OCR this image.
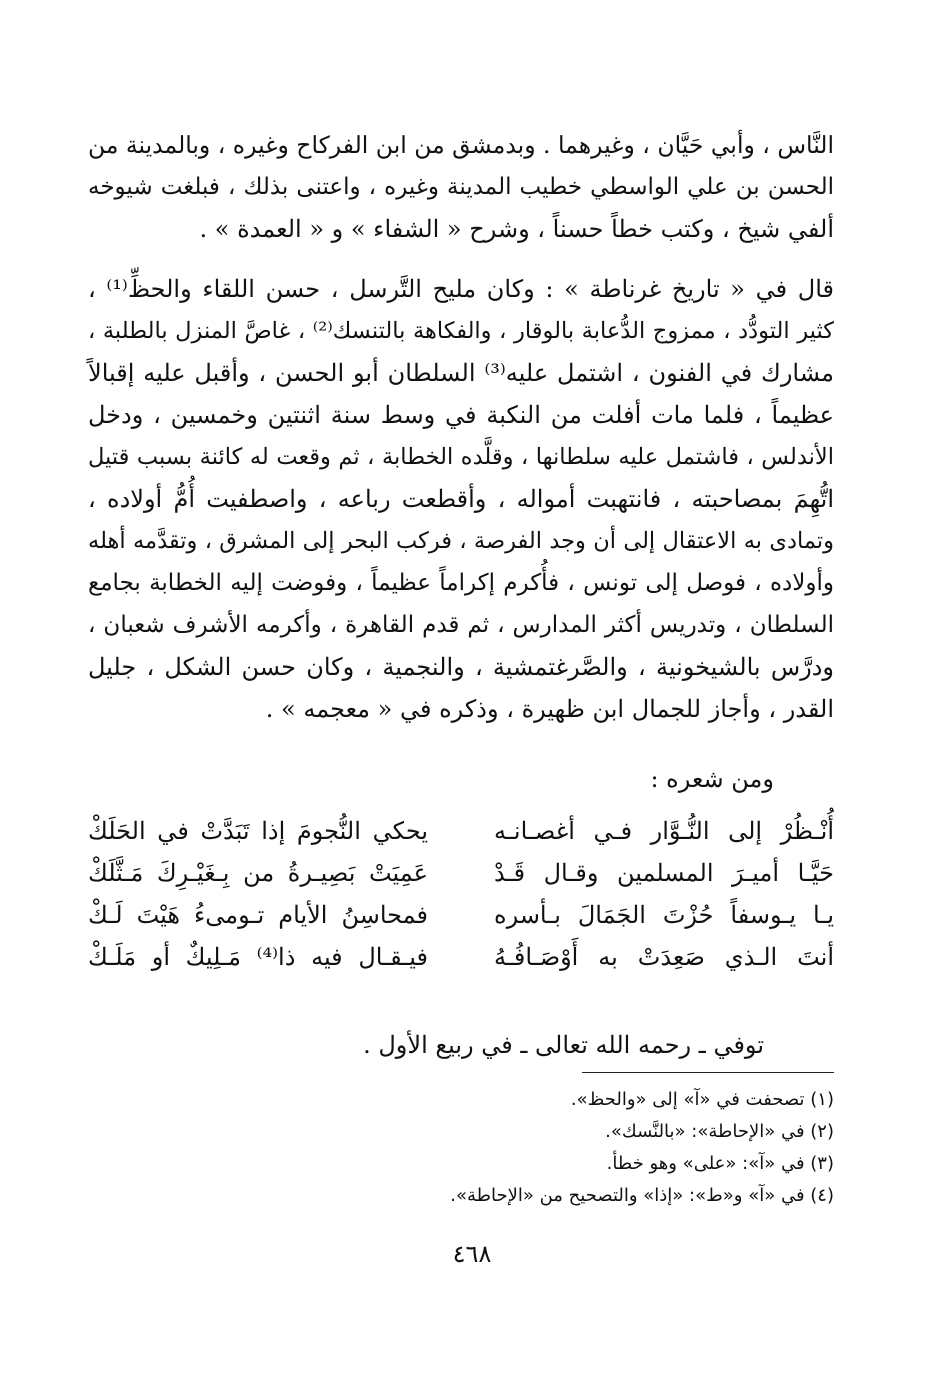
النَّاس ، وأبي حَيَّان ، وغيرهما . وبدمشق من ابن الفركاح وغيره ، وبالمدينة من
الحسن بن علي الواسطي خطيب المدينة وغيره ، واعتنى بذلك ، فبلغت شيوخه
ألفي شيخ ، وكتب خطاً حسناً ، وشرح « الشفاء » و « العمدة » .
قال في « تاريخ غرناطة » : وكان مليح التَّرسل ، حسن اللقاء والحظِّ⁽¹⁾ ،
كثير التودُّد ، ممزوج الدُّعابة بالوقار ، والفكاهة بالتنسك⁽²⁾ ، غاصَّ المنزل بالطلبة ،
مشارك في الفنون ، اشتمل عليه⁽³⁾ السلطان أبو الحسن ، وأقبل عليه إقبالاً
عظيماً ، فلما مات أفلت من النكبة في وسط سنة اثنتين وخمسين ، ودخل
الأندلس ، فاشتمل عليه سلطانها ، وقلَّده الخطابة ، ثم وقعت له كائنة بسبب قتيل
اتُّهِمَ بمصاحبته ، فانتهبت أمواله ، وأقطعت رباعه ، واصطفيت أُمُّ أولاده ،
وتمادى به الاعتقال إلى أن وجد الفرصة ، فركب البحر إلى المشرق ، وتقدَّمه أهله
وأولاده ، فوصل إلى تونس ، فأُكرم إكراماً عظيماً ، وفوضت إليه الخطابة بجامع
السلطان ، وتدريس أكثر المدارس ، ثم قدم القاهرة ، وأكرمه الأشرف شعبان ،
ودرَّس بالشيخونية ، والصَّرغتمشية ، والنجمية ، وكان حسن الشكل ، جليل
القدر ، وأجاز للجمال ابن ظهيرة ، وذكره في « معجمه » .
ومن شعره :
أُنْـظُرْ إلى النُّـوَّار فـي أغصـانـه
يحكي النُّجومَ إذا تَبَدَّتْ في الحَلَكْ
حَيَّـا أميـرَ المسلمين وقـال قَـدْ
عَمِيَتْ بَصِيـرةُ من بِـغَيْـرِكَ مَـثَّلَكْ
يـا يـوسفاً حُزْتَ الجَمَالَ بـأسره
فمحاسِنُ الأيام تـومىءُ هَيْتَ لَـكْ
أنتَ الـذي صَعِدَتْ به أَوْصَـافُـهُ
فيـقـال فيه ذا⁽⁴⁾ مَـلِيكٌ أو مَلَـكْ
توفي ـ رحمه الله تعالى ـ في ربيع الأول .
(١) تصحفت في «آ» إلى «والحظ».
(٢) في «الإحاطة»: «بالنَّسك».
(٣) في «آ»: «على» وهو خطأ.
(٤) في «آ» و«ط»: «إذا» والتصحيح من «الإحاطة».
٤٦٨
